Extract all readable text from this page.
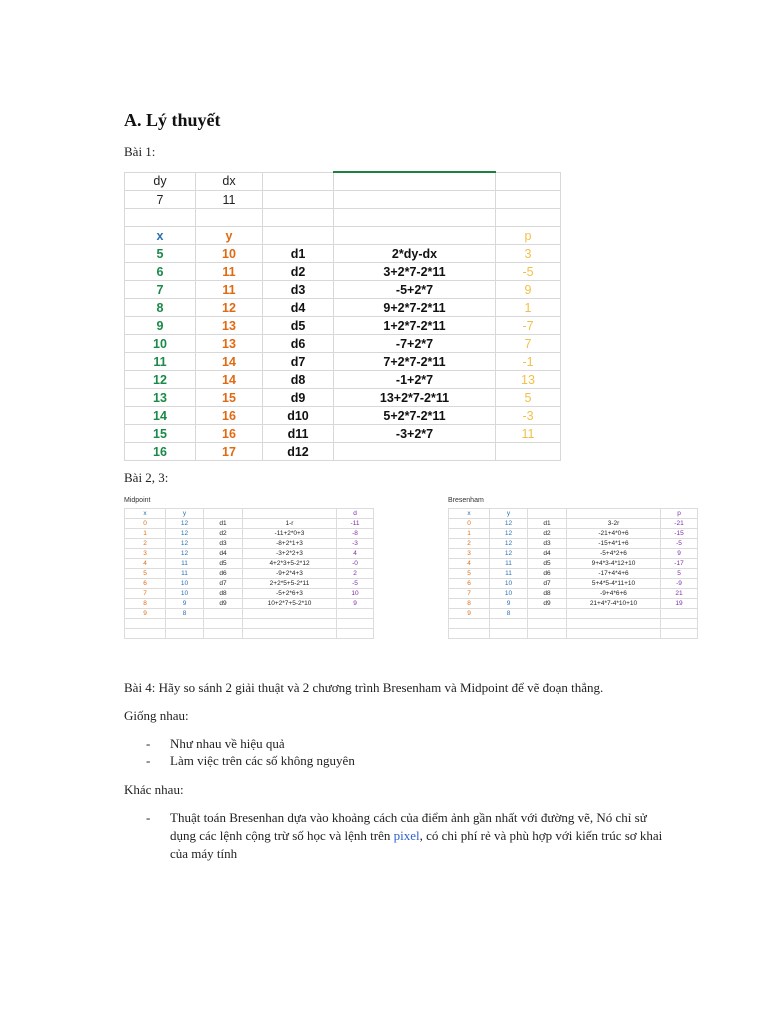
A. Lý thuyết

Bài 1:

dy	dx			
7	11			

x	y			p
5	10	d1	2*dy-dx	3
6	11	d2	3+2*7-2*11	-5
7	11	d3	-5+2*7	9
8	12	d4	9+2*7-2*11	1
9	13	d5	1+2*7-2*11	-7
10	13	d6	-7+2*7	7
11	14	d7	7+2*7-2*11	-1
12	14	d8	-1+2*7	13
13	15	d9	13+2*7-2*11	5
14	16	d10	5+2*7-2*11	-3
15	16	d11	-3+2*7	11
16	17	d12		

Bài 2, 3:

Midpoint
x	y			d
0	12	d1	1-r	-11
1	12	d2	-11+2*0+3	-8
2	12	d3	-8+2*1+3	-3
3	12	d4	-3+2*2+3	4
4	11	d5	4+2*3+5-2*12	-0
5	11	d6	-9+2*4+3	2
6	10	d7	2+2*5+5-2*11	-5
7	10	d8	-5+2*6+3	10
8	9	d9	10+2*7+5-2*10	9
9	8			

Bresenham
x	y			p
0	12	d1	3-2r	-21
1	12	d2	-21+4*0+6	-15
2	12	d3	-15+4*1+6	-5
3	12	d4	-5+4*2+6	9
4	11	d5	9+4*3-4*12+10	-17
5	11	d6	-17+4*4+6	5
6	10	d7	5+4*5-4*11+10	-9
7	10	d8	-9+4*6+6	21
8	9	d9	21+4*7-4*10+10	19
9	8			

Bài 4: Hãy so sánh 2 giải thuật và 2 chương trình Bresenham và Midpoint để vẽ đoạn thẳng.

Giống nhau:

- Như nhau về hiệu quả
- Làm việc trên các số không nguyên

Khác nhau:

- Thuật toán Bresenhan dựa vào khoảng cách của điểm ảnh gần nhất với đường vẽ, Nó chỉ sử
dụng các lệnh cộng trừ số học và lệnh trên pixel, có chi phí rẻ và phù hợp với kiến trúc sơ khai
của máy tính
